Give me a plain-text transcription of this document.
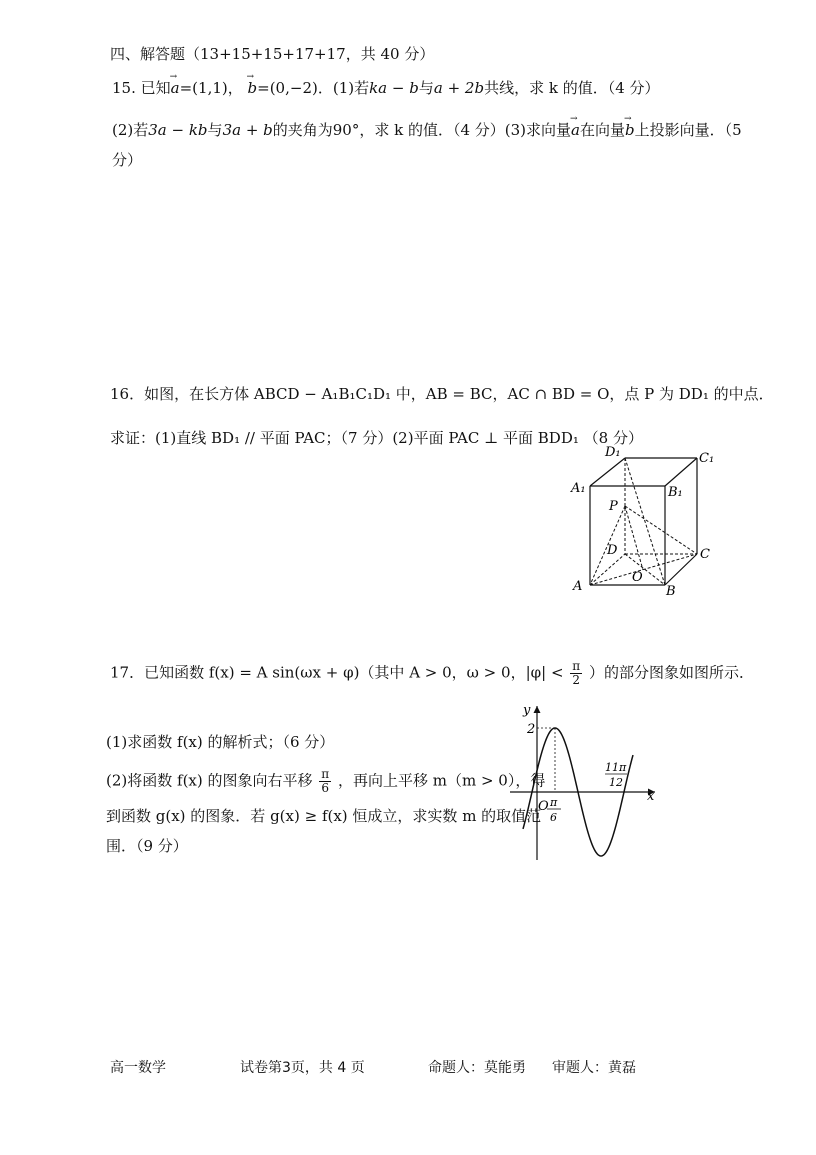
四、解答题（13+15+15+17+17，共 40 分）
15. 已知→ a=(1,1)， → b=(0,−2)．(1)若ka − b与a + 2b共线，求 k 的值．（4 分）
(2)若3a − kb与3a + b的夹角为90°，求 k 的值．（4 分）(3)求向量→ a在向量→ b上投影向量．（5
分）
16．如图，在长方体 ABCD − A₁B₁C₁D₁ 中，AB = BC，AC ∩ BD = O，点 P 为 DD₁ 的中点．
求证：(1)直线 BD₁ // 平面 PAC；（7 分）(2)平面 PAC ⊥ 平面 BDD₁ （8 分）
D₁	C₁
A₁	B₁
P
D	C
O
A	B
17．已知函数 f(x) = A sin(ωx + φ)（其中 A > 0，ω > 0，$|\varphi| < \frac{\pi}{2}$ ）的部分图象如图所示．
(1)求函数 f(x) 的解析式；（6 分）
(2)将函数 f(x) 的图象向右平移 $\frac{\pi}{6}$ ，再向上平移 m（m > 0），得
到函数 g(x) 的图象．若 g(x) ≥ f(x) 恒成立，求实数 m 的取值范
围．（9 分）
y
x
2
O π
6
11π
12
高一数学	试卷第3页，共 4 页	命题人：莫能勇 审题人：黄磊
